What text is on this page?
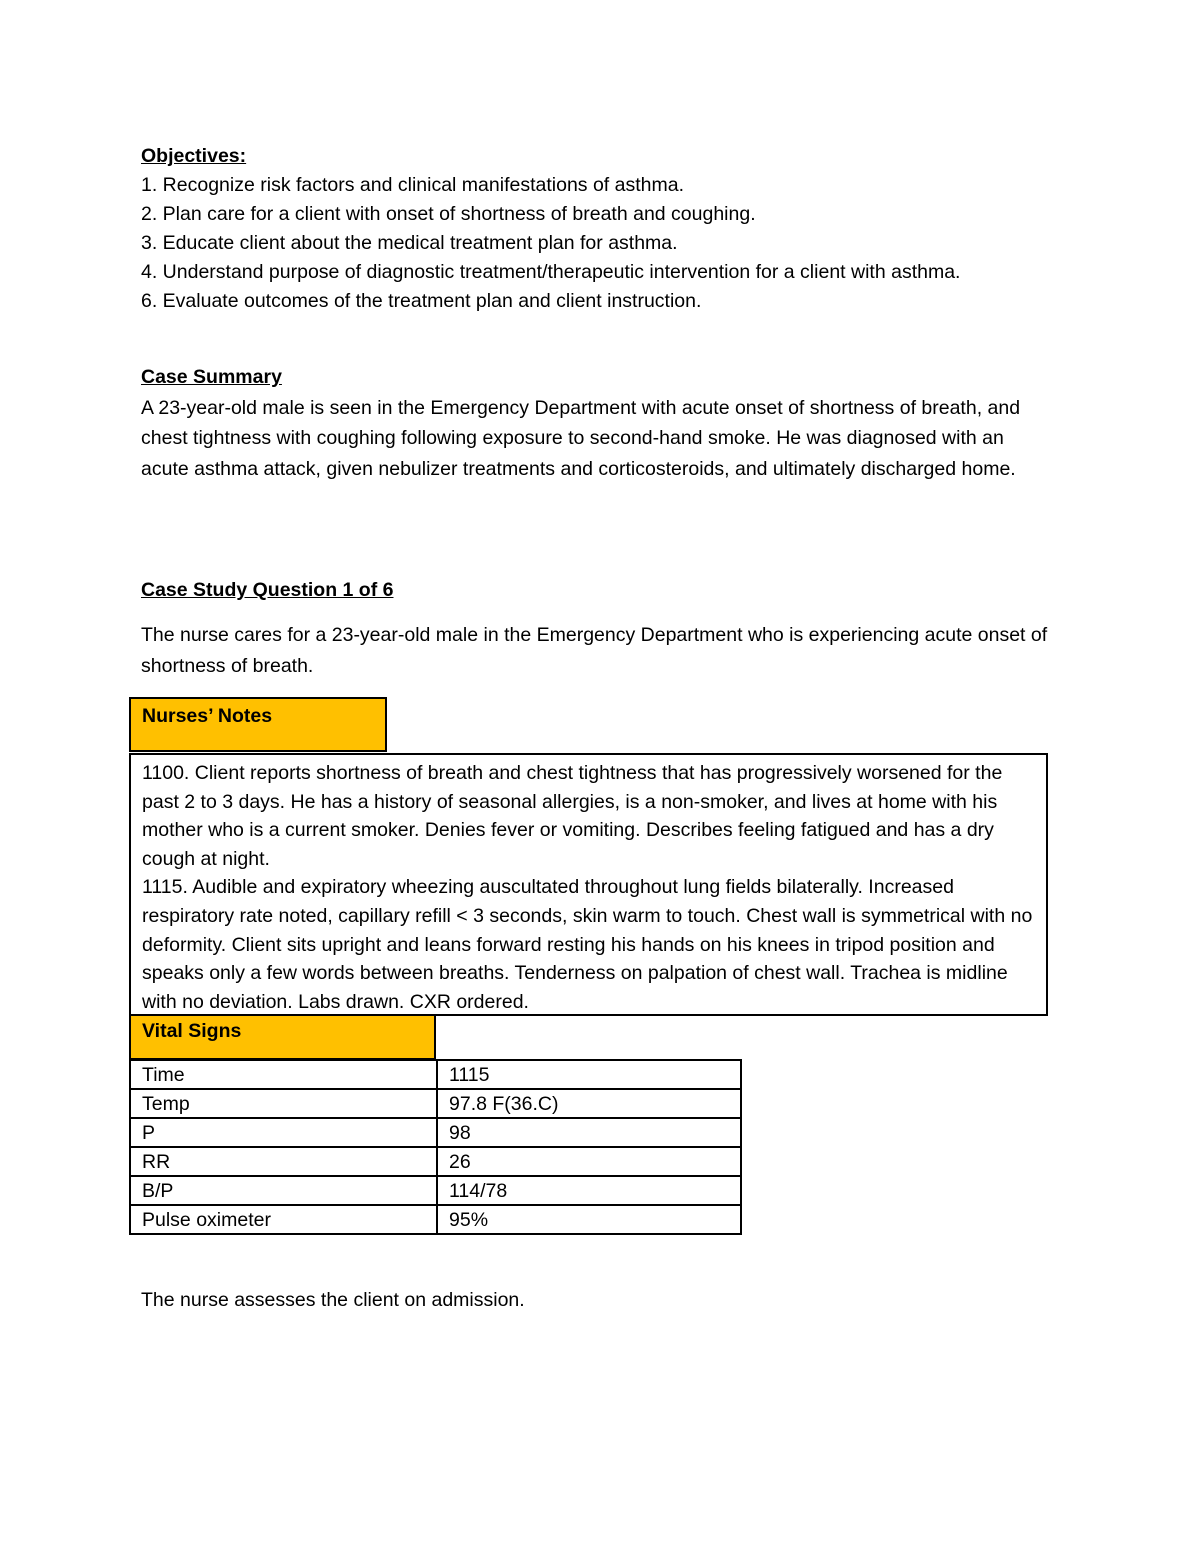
Objectives:
1. Recognize risk factors and clinical manifestations of asthma.
2. Plan care for a client with onset of shortness of breath and coughing.
3. Educate client about the medical treatment plan for asthma.
4. Understand purpose of diagnostic treatment/therapeutic intervention for a client with asthma.
6. Evaluate outcomes of the treatment plan and client instruction.
Case Summary
A 23-year-old male is seen in the Emergency Department with acute onset of shortness of breath, and chest tightness with coughing following exposure to second-hand smoke. He was diagnosed with an acute asthma attack, given nebulizer treatments and corticosteroids, and ultimately discharged home.
Case Study Question 1 of 6
The nurse cares for a 23-year-old male in the Emergency Department who is experiencing acute onset of shortness of breath.
Nurses’ Notes

1100. Client reports shortness of breath and chest tightness that has progressively worsened for the past 2 to 3 days. He has a history of seasonal allergies, is a non-smoker, and lives at home with his mother who is a current smoker. Denies fever or vomiting. Describes feeling fatigued and has a dry cough at night.

1115. Audible and expiratory wheezing auscultated throughout lung fields bilaterally. Increased respiratory rate noted, capillary refill < 3 seconds, skin warm to touch. Chest wall is symmetrical with no deformity. Client sits upright and leans forward resting his hands on his knees in tripod position and speaks only a few words between breaths. Tenderness on palpation of chest wall. Trachea is midline with no deviation. Labs drawn. CXR ordered.

Vital Signs
Time	1115
Temp	97.8 F(36.C)
P	98
RR	26
B/P	114/78
Pulse oximeter	95%
The nurse assesses the client on admission.
